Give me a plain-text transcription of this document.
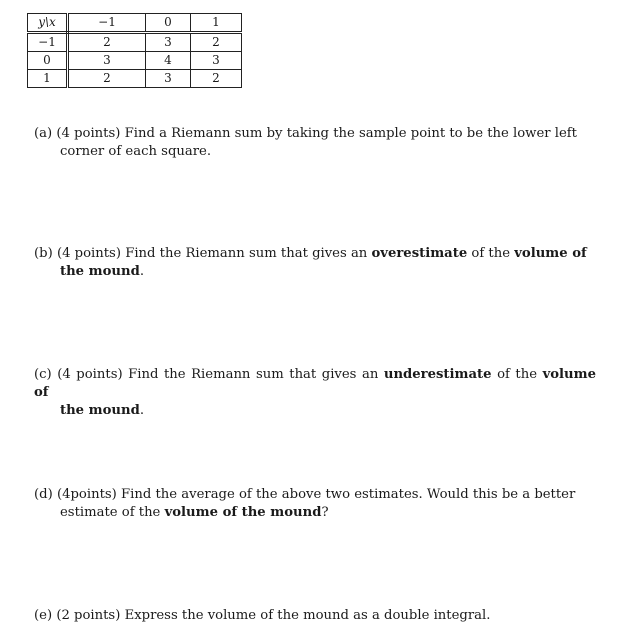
y\x	−1	0	1
−1	2	3	2
0	3	4	3
1	2	3	2
(a) (4 points) Find a Riemann sum by taking the sample point to be the lower left
corner of each square.
(b) (4 points) Find the Riemann sum that gives an overestimate of the volume of
the mound.
(c) (4 points) Find the Riemann sum that gives an underestimate of the volume of
the mound.
(d) (4points) Find the average of the above two estimates. Would this be a better
estimate of the volume of the mound?
(e) (2 points) Express the volume of the mound as a double integral.
